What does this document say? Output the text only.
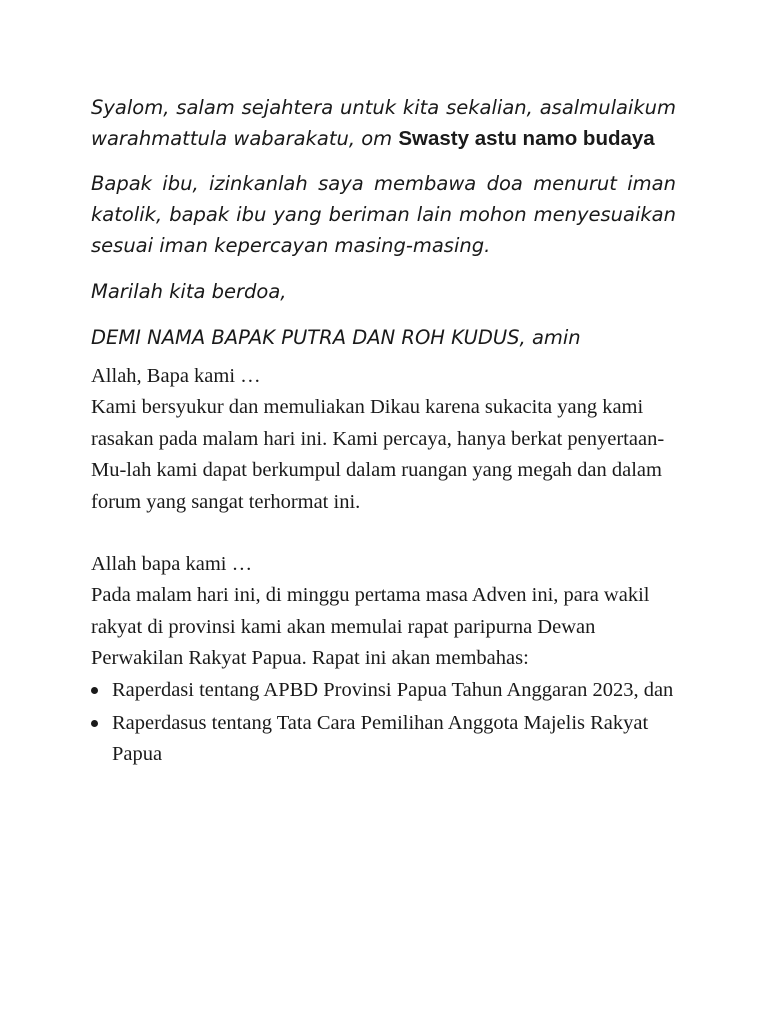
Syalom, salam sejahtera untuk kita sekalian, asalmulaikum warahmattula wabarakatu, om Swasty astu namo budaya

Bapak ibu, izinkanlah saya membawa doa menurut iman katolik, bapak ibu yang beriman lain mohon menyesuaikan sesuai iman kepercayan masing-masing.

Marilah kita berdoa,

DEMI NAMA BAPAK PUTRA DAN ROH KUDUS, amin

Allah, Bapa kami …

Kami bersyukur dan memuliakan Dikau karena sukacita yang kami rasakan pada malam hari ini. Kami percaya, hanya berkat penyertaan-Mu-lah kami dapat berkumpul dalam ruangan yang megah dan dalam forum yang sangat terhormat ini.

Allah bapa kami …

Pada malam hari ini, di minggu pertama masa Adven ini, para wakil rakyat di provinsi kami akan memulai rapat paripurna Dewan Perwakilan Rakyat Papua. Rapat ini akan membahas:

Raperdasi tentang APBD Provinsi Papua Tahun Anggaran 2023, dan
Raperdasus tentang Tata Cara Pemilihan Anggota Majelis Rakyat Papua
